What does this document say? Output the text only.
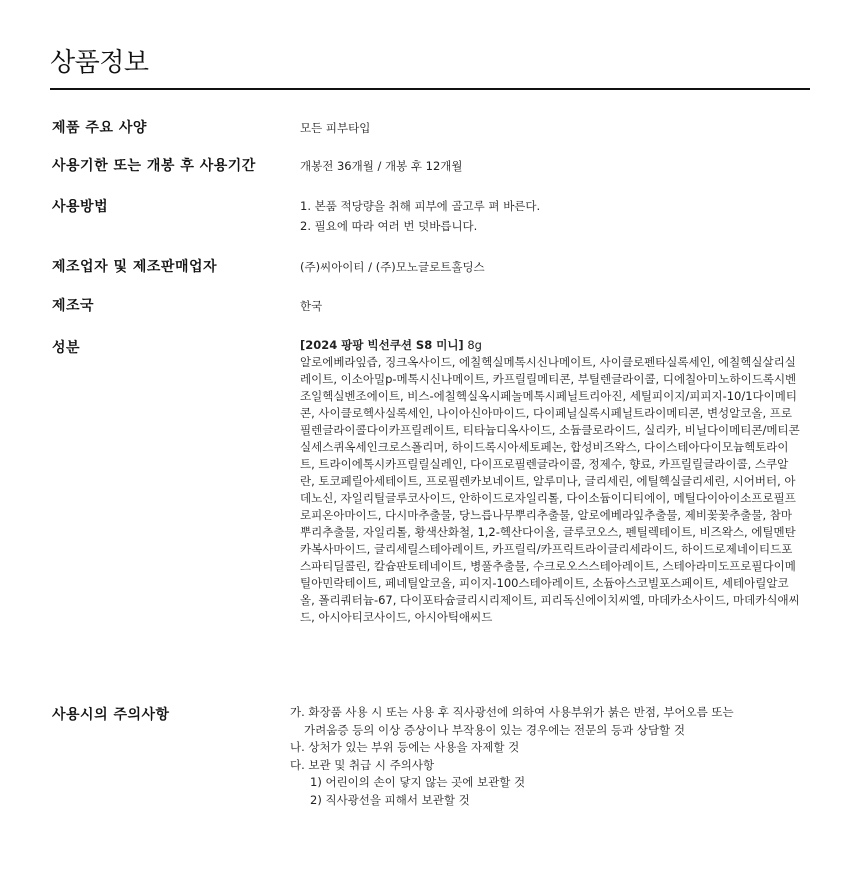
상품정보
제품 주요 사양	모든 피부타입
사용기한 또는 개봉 후 사용기간	개봉전 36개월 / 개봉 후 12개월
사용방법	1. 본품 적당량을 취해 피부에 골고루 펴 바른다.
2. 필요에 따라 여러 번 덧바릅니다.
제조업자 및 제조판매업자	(주)씨아이티 / (주)모노글로트홀딩스
제조국	한국
성분	[2024 팡팡 빅선쿠션 S8 미니] 8g
알로에베라잎즙, 징크옥사이드, 에칠헥실메톡시신나메이트, 사이클로펜타실록세인, 에칠헥실살리실레이트, 이소아밀p-메톡시신나메이트, 카프릴릴메티콘, 부틸렌글라이콜, 디에칠아미노하이드록시벤조일헥실벤조에이트, 비스-에칠헥실옥시페놀메톡시페닐트리아진, 세틸피이지/피피지-10/1다이메티콘, 사이클로헥사실록세인, 나이아신아마이드, 다이페닐실록시페닐트라이메티콘, 변성알코올, 프로필렌글라이콜다이카프릴레이트, 티타늄디옥사이드, 소듐클로라이드, 실리카, 비닐다이메티콘/메티콘실세스퀴옥세인크로스폴리머, 하이드록시아세토페논, 합성비즈왁스, 다이스테아다이모늄헥토라이트, 트라이에톡시카프릴릴실레인, 다이프로필렌글라이콜, 정제수, 향료, 카프릴릴글라이콜, 스쿠알란, 토코페릴아세테이트, 프로필렌카보네이트, 알루미나, 글리세린, 에틸헥실글리세린, 시어버터, 아데노신, 자일리틸글루코사이드, 안하이드로자일리톨, 다이소듐이디티에이, 메틸다이아이소프로필프로피온아마이드, 다시마추출물, 당느릅나무뿌리추출물, 알로에베라잎추출물, 제비꽃꽃추출물, 참마뿌리추출물, 자일리톨, 황색산화철, 1,2-헥산다이올, 글루코오스, 펜틸렉테이트, 비즈왁스, 에틸멘탄카복사마이드, 글리세릴스테아레이트, 카프릴릭/카프릭트라이글리세라이드, 하이드로제네이티드포스파티딜콜린, 칼슘판토테네이트, 병풀추출물, 수크로오스스테아레이트, 스테아라미도프로필다이메틸아민락테이트, 페네틸알코올, 피이지-100스테아레이트, 소듐아스코빌포스페이트, 세테아릴알코올, 폴리쿼터늄-67, 다이포타슘글리시리제이트, 피리독신에이치씨엘, 마데카소사이드, 마데카식애씨드, 아시아티코사이드, 아시아틱애씨드
사용시의 주의사항	가. 화장품 사용 시 또는 사용 후 직사광선에 의하여 사용부위가 붉은 반점, 부어오름 또는
가려움증 등의 이상 증상이나 부작용이 있는 경우에는 전문의 등과 상담할 것
나. 상처가 있는 부위 등에는 사용을 자제할 것
다. 보관 및 취급 시 주의사항
1) 어린이의 손이 닿지 않는 곳에 보관할 것
2) 직사광선을 피해서 보관할 것
